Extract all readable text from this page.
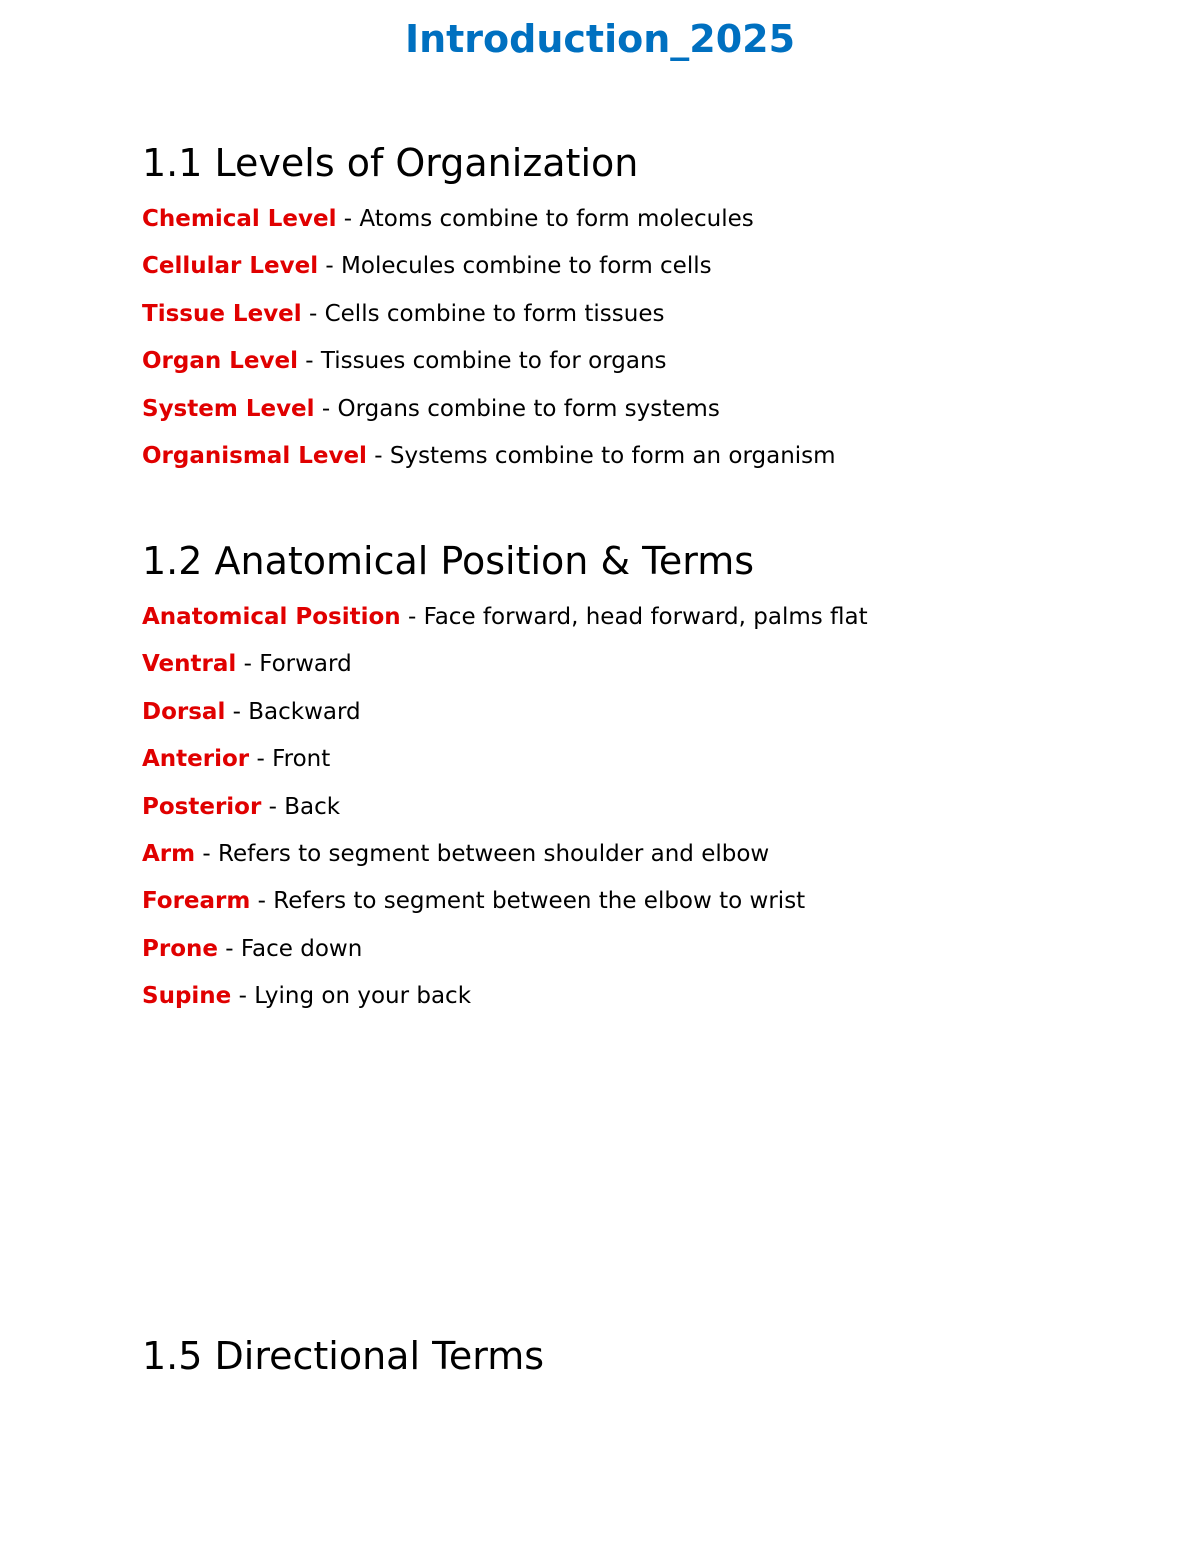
Introduction_2025
1.1 Levels of Organization
Chemical Level - Atoms combine to form molecules
Cellular Level - Molecules combine to form cells
Tissue Level - Cells combine to form tissues
Organ Level - Tissues combine to for organs
System Level - Organs combine to form systems
Organismal Level - Systems combine to form an organism
1.2 Anatomical Position & Terms
Anatomical Position - Face forward, head forward, palms flat
Ventral - Forward
Dorsal - Backward
Anterior - Front
Posterior - Back
Arm - Refers to segment between shoulder and elbow
Forearm - Refers to segment between the elbow to wrist
Prone - Face down
Supine - Lying on your back
1.5 Directional Terms
